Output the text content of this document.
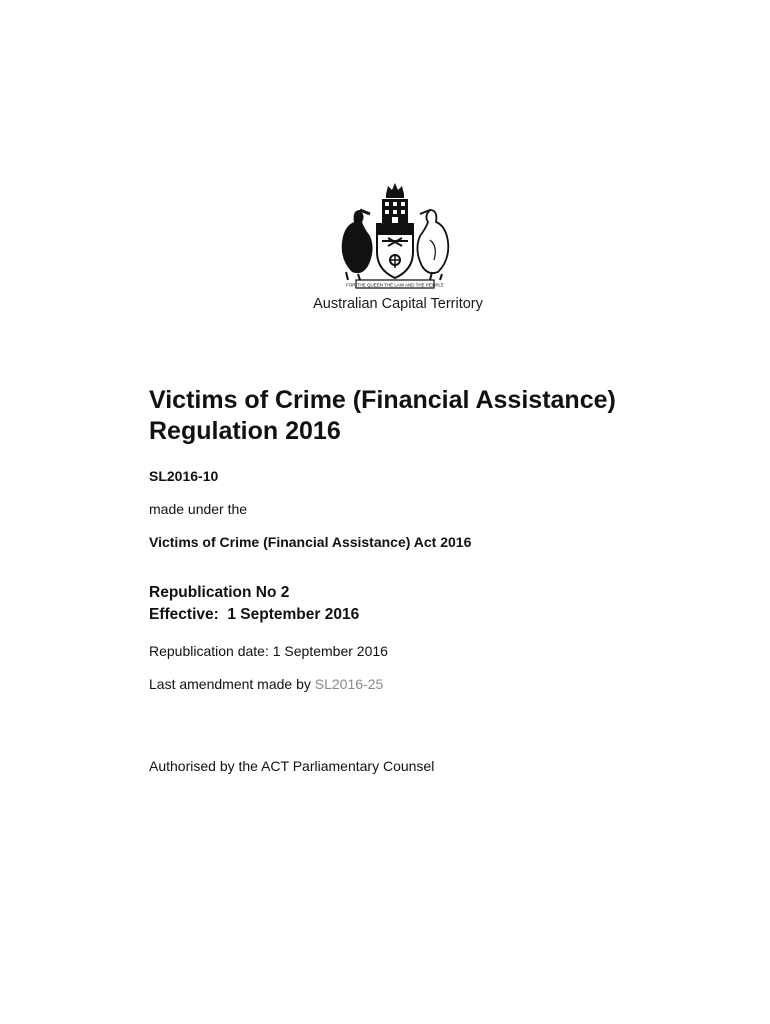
FOR THE QUEEN THE LAW AND THE PEOPLE
Australian Capital Territory
Victims of Crime (Financial Assistance)
Regulation 2016
SL2016-10
made under the
Victims of Crime (Financial Assistance) Act 2016
Republication No 2
Effective:  1 September 2016
Republication date: 1 September 2016
Last amendment made by SL2016-25
Authorised by the ACT Parliamentary Counsel
